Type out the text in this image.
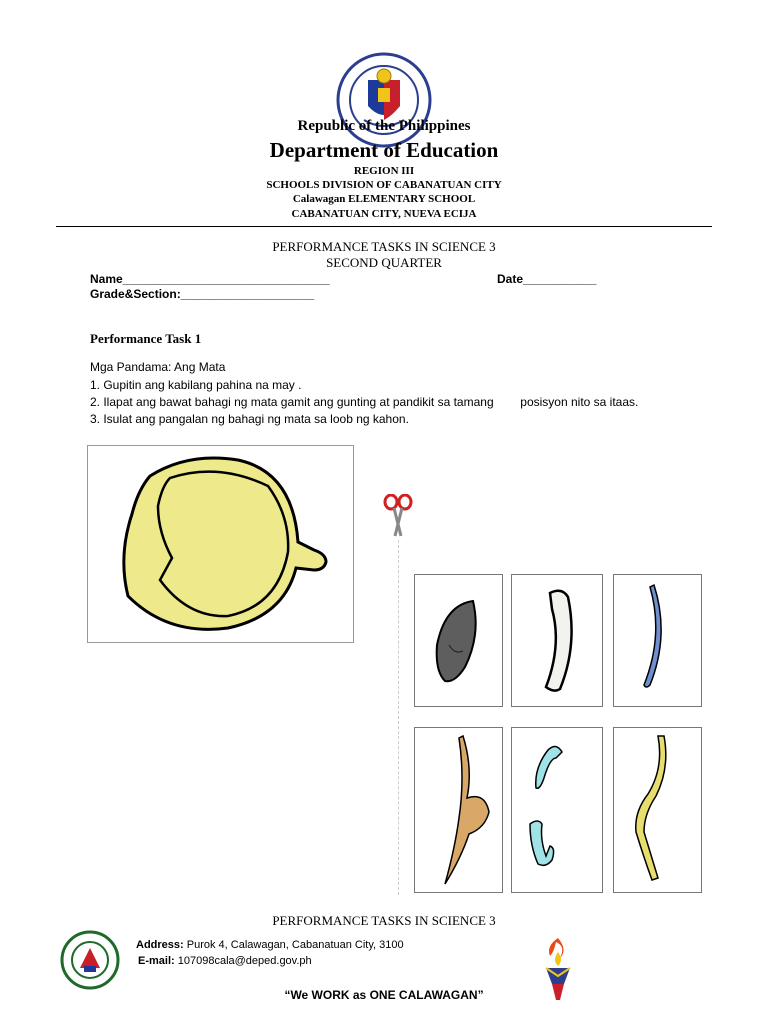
Republic of the Philippines
Department of Education
REGION III
SCHOOLS DIVISION OF CABANATUAN CITY
Calawagan ELEMENTARY SCHOOL
CABANATUAN CITY, NUEVA ECIJA
PERFORMANCE TASKS IN SCIENCE 3
SECOND QUARTER
Name_______________________________	Date___________
Grade&Section:____________________
Performance Task 1
Mga Pandama: Ang Mata
1. Gupitin ang kabilang pahina na may .
2. Ilapat ang bawat bahagi ng mata gamit ang gunting at pandikit sa tamang        posisyon nito sa itaas.
3. Isulat ang pangalan ng bahagi ng mata sa loob ng kahon.
PERFORMANCE TASKS IN SCIENCE 3
Address: Purok 4, Calawagan, Cabanatuan City, 3100
E-mail: 107098cala@deped.gov.ph
“We WORK as ONE CALAWAGAN”
